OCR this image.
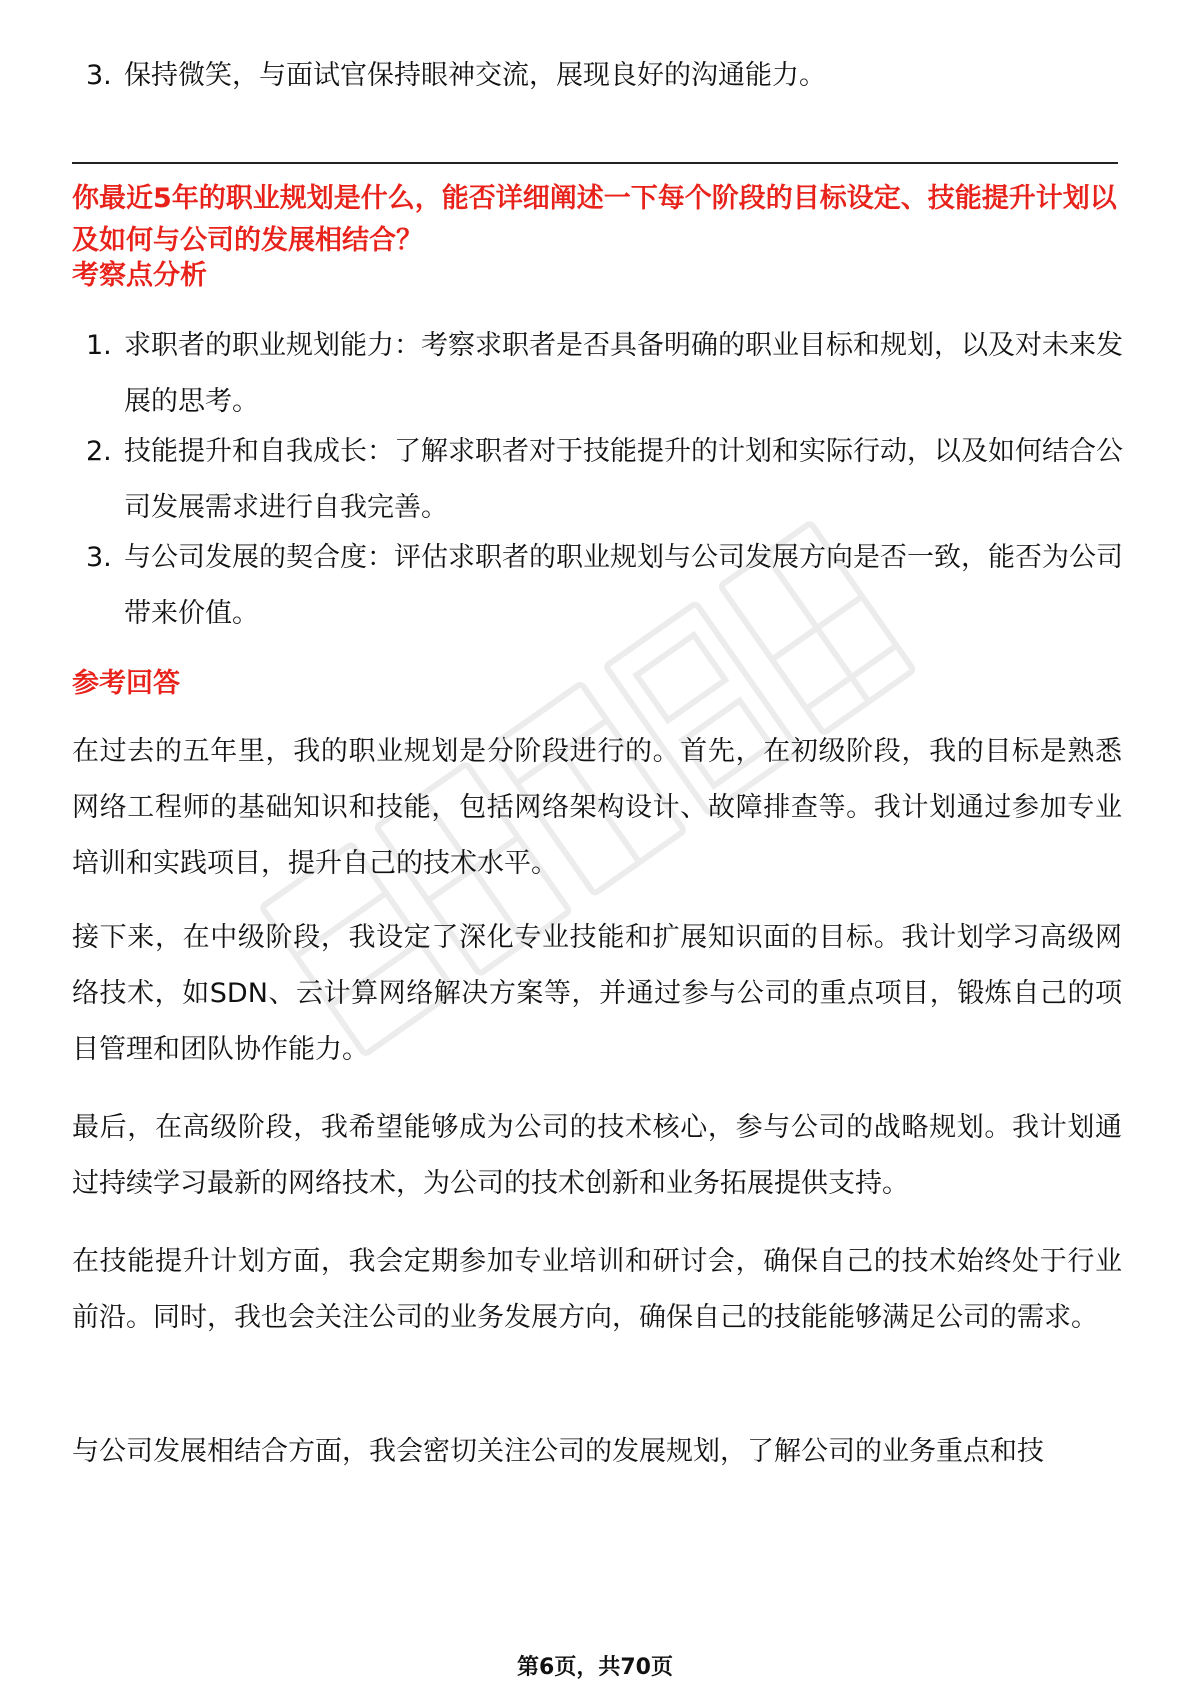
3. 保持微笑，与面试官保持眼神交流，展现良好的沟通能力。
你最近5年的职业规划是什么，能否详细阐述一下每个阶段的目标设定、技能提升计划以及如何与公司的发展相结合？
考察点分析
1. 求职者的职业规划能力：考察求职者是否具备明确的职业目标和规划，以及对未来发展的思考。
2. 技能提升和自我成长：了解求职者对于技能提升的计划和实际行动，以及如何结合公司发展需求进行自我完善。
3. 与公司发展的契合度：评估求职者的职业规划与公司发展方向是否一致，能否为公司带来价值。
参考回答
在过去的五年里，我的职业规划是分阶段进行的。首先，在初级阶段，我的目标是熟悉网络工程师的基础知识和技能，包括网络架构设计、故障排查等。我计划通过参加专业培训和实践项目，提升自己的技术水平。
接下来，在中级阶段，我设定了深化专业技能和扩展知识面的目标。我计划学习高级网络技术，如SDN、云计算网络解决方案等，并通过参与公司的重点项目，锻炼自己的项目管理和团队协作能力。
最后，在高级阶段，我希望能够成为公司的技术核心，参与公司的战略规划。我计划通过持续学习最新的网络技术，为公司的技术创新和业务拓展提供支持。
在技能提升计划方面，我会定期参加专业培训和研讨会，确保自己的技术始终处于行业前沿。同时，我也会关注公司的业务发展方向，确保自己的技能能够满足公司的需求。
与公司发展相结合方面，我会密切关注公司的发展规划，了解公司的业务重点和技
第6页，共70页
